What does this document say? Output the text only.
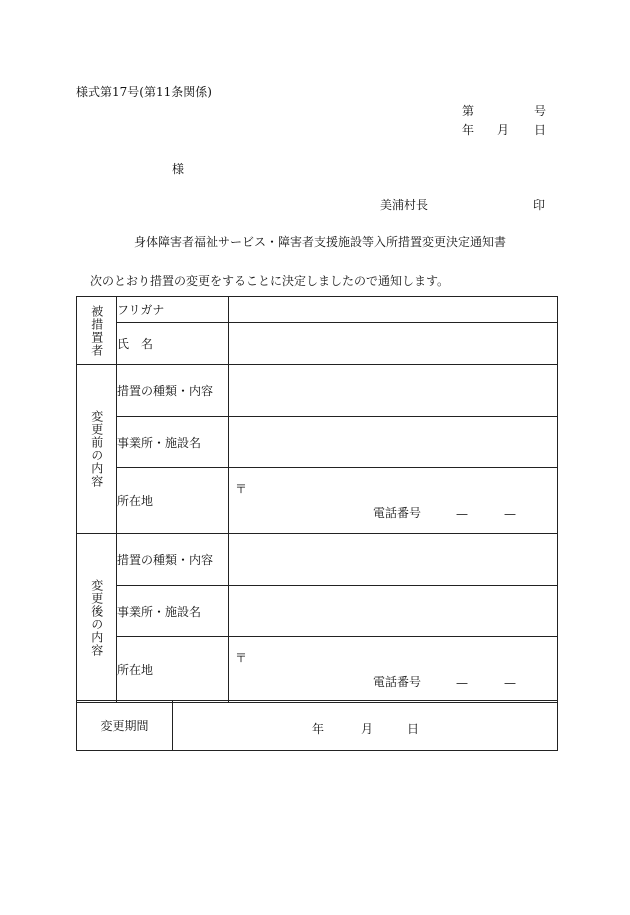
様式第17号(第11条関係)
第	号
年 月 日
様
美浦村長	印
身体障害者福祉サービス・障害者支援施設等入所措置変更決定通知書
次のとおり措置の変更をすることに決定しましたので通知します。
被措置者	フリガナ	
	氏　名	

変更前の内容	措置の種類・内容	
	事業所・施設名	
	所在地	〒
電話番号 — —

変更後の内容	措置の種類・内容	
	事業所・施設名	
	所在地	〒
電話番号 — —
変更期間	年	月	日
